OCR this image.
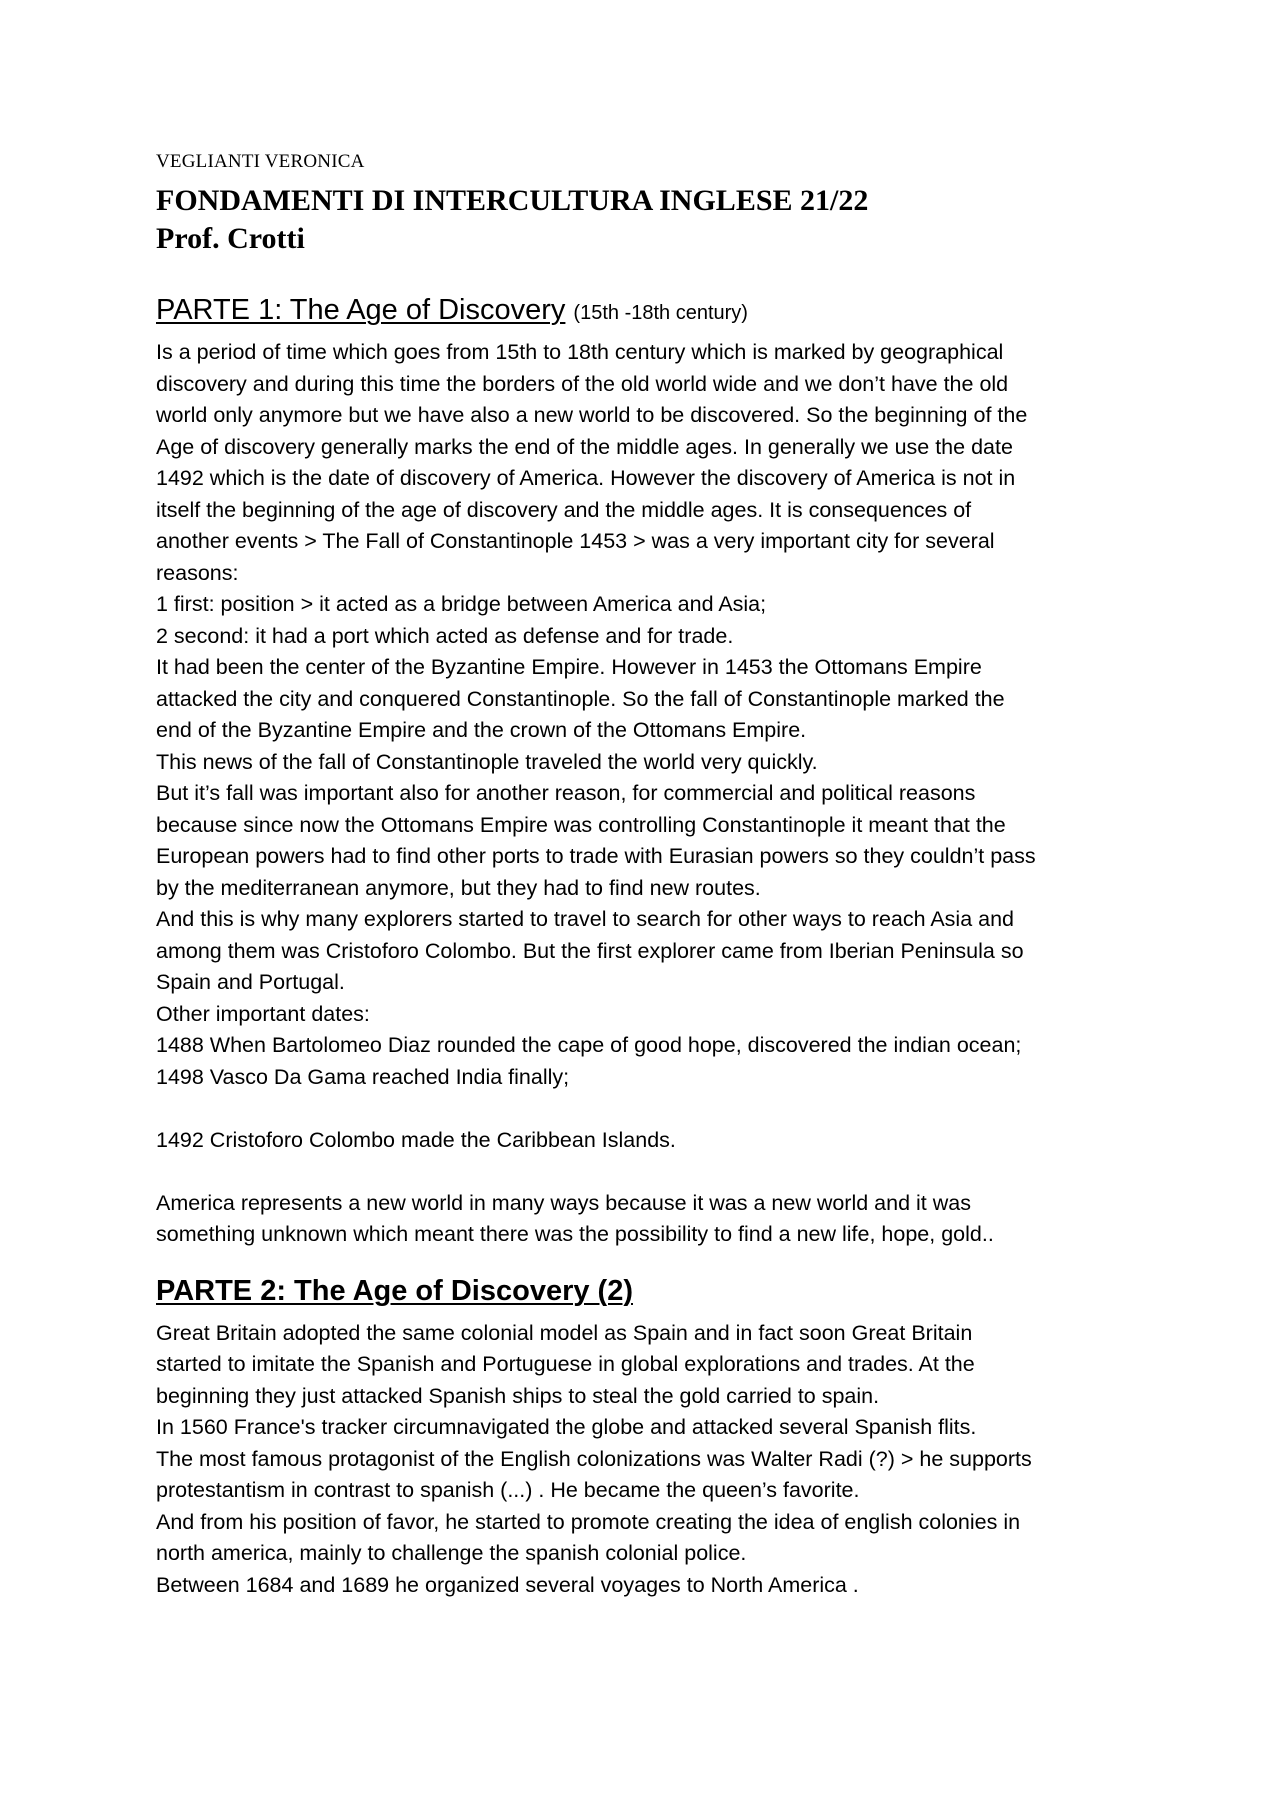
VEGLIANTI VERONICA
FONDAMENTI DI INTERCULTURA INGLESE 21/22
Prof. Crotti
PARTE 1: The Age of Discovery (15th -18th century)
Is a period of time which goes from 15th to 18th century which is marked by geographical
discovery and during this time the borders of the old world wide and we don’t have the old
world only anymore but we have also a new world to be discovered. So the beginning of the
Age of discovery generally marks the end of the middle ages. In generally we use the date
1492 which is the date of discovery of America. However the discovery of America is not in
itself the beginning of the age of discovery and the middle ages. It is consequences of
another events > The Fall of Constantinople 1453 > was a very important city for several
reasons:
1 first: position > it acted as a bridge between America and Asia;
2 second: it had a port which acted as defense and for trade.
It had been the center of the Byzantine Empire. However in 1453 the Ottomans Empire
attacked the city and conquered Constantinople. So the fall of Constantinople marked the
end of the Byzantine Empire and the crown of the Ottomans Empire.
This news of the fall of Constantinople traveled the world very quickly.
But it’s fall was important also for another reason, for commercial and political reasons
because since now the Ottomans Empire was controlling Constantinople it meant that the
European powers had to find other ports to trade with Eurasian powers so they couldn’t pass
by the mediterranean anymore, but they had to find new routes.
And this is why many explorers started to travel to search for other ways to reach Asia and
among them was Cristoforo Colombo. But the first explorer came from Iberian Peninsula so
Spain and Portugal.
Other important dates:
1488 When Bartolomeo Diaz rounded the cape of good hope, discovered the indian ocean;
1498 Vasco Da Gama reached India finally;
1492 Cristoforo Colombo made the Caribbean Islands.
America represents a new world in many ways because it was a new world and it was
something unknown which meant there was the possibility to find a new life, hope, gold..
PARTE 2: The Age of Discovery (2)
Great Britain adopted the same colonial model as Spain and in fact soon Great Britain
started to imitate the Spanish and Portuguese in global explorations and trades. At the
beginning they just attacked Spanish ships to steal the gold carried to spain.
In 1560 France's tracker circumnavigated the globe and attacked several Spanish flits.
The most famous protagonist of the English colonizations was Walter Radi (?) > he supports
protestantism in contrast to spanish (...) . He became the queen’s favorite.
And from his position of favor, he started to promote creating the idea of english colonies in
north america, mainly to challenge the spanish colonial police.
Between 1684 and 1689 he organized several voyages to North America .
